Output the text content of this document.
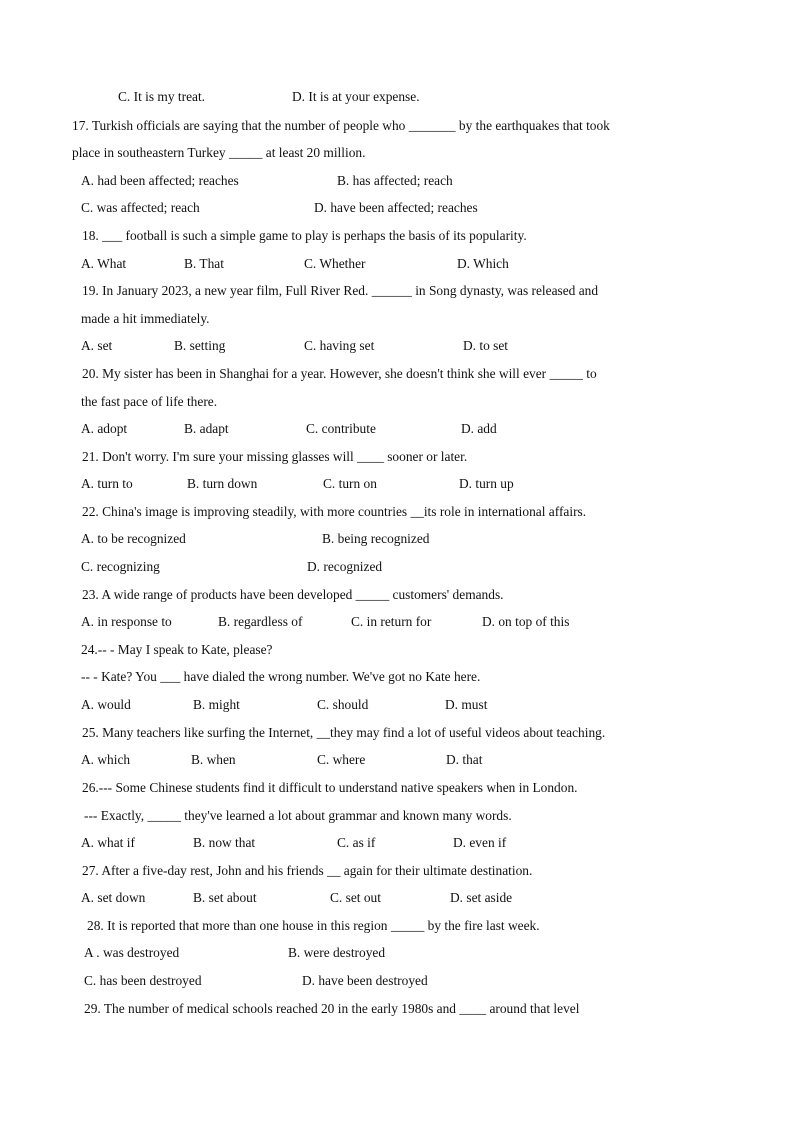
C. It is my treat.	D. It is at your expense.
17. Turkish officials are saying that the number of people who _______ by the earthquakes that took
place in southeastern Turkey _____ at least 20 million.
A. had been affected; reaches	B. has affected; reach
C. was affected; reach	D. have been affected; reaches
18. ___ football is such a simple game to play is perhaps the basis of its popularity.
A. What	B. That	C. Whether	D. Which
19. In January 2023, a new year film, Full River Red. ______ in Song dynasty, was released and
made a hit immediately.
A. set	B. setting	C. having set	D. to set
20. My sister has been in Shanghai for a year. However, she doesn't think she will ever _____ to
the fast pace of life there.
A. adopt	B. adapt	C. contribute	D. add
21. Don't worry. I'm sure your missing glasses will ____ sooner or later.
A. turn to	B. turn down	C. turn on	D. turn up
22. China's image is improving steadily, with more countries __its role in international affairs.
A. to be recognized	B. being recognized
C. recognizing	D. recognized
23. A wide range of products have been developed _____ customers' demands.
A. in response to	B. regardless of	C. in return for	D. on top of this
24.-- - May I speak to Kate, please?
-- - Kate? You ___ have dialed the wrong number. We've got no Kate here.
A. would	B. might	C. should	D. must
25. Many teachers like surfing the Internet, __they may find a lot of useful videos about teaching.
A. which	B. when	C. where	D. that
26.--- Some Chinese students find it difficult to understand native speakers when in London.
--- Exactly, _____ they've learned a lot about grammar and known many words.
A. what if	B. now that	C. as if	D. even if
27. After a five-day rest, John and his friends __ again for their ultimate destination.
A. set down	B. set about	C. set out	D. set aside
28. It is reported that more than one house in this region _____ by the fire last week.
A . was destroyed	B. were destroyed
C. has been destroyed	D. have been destroyed
29. The number of medical schools reached 20 in the early 1980s and ____ around that level
